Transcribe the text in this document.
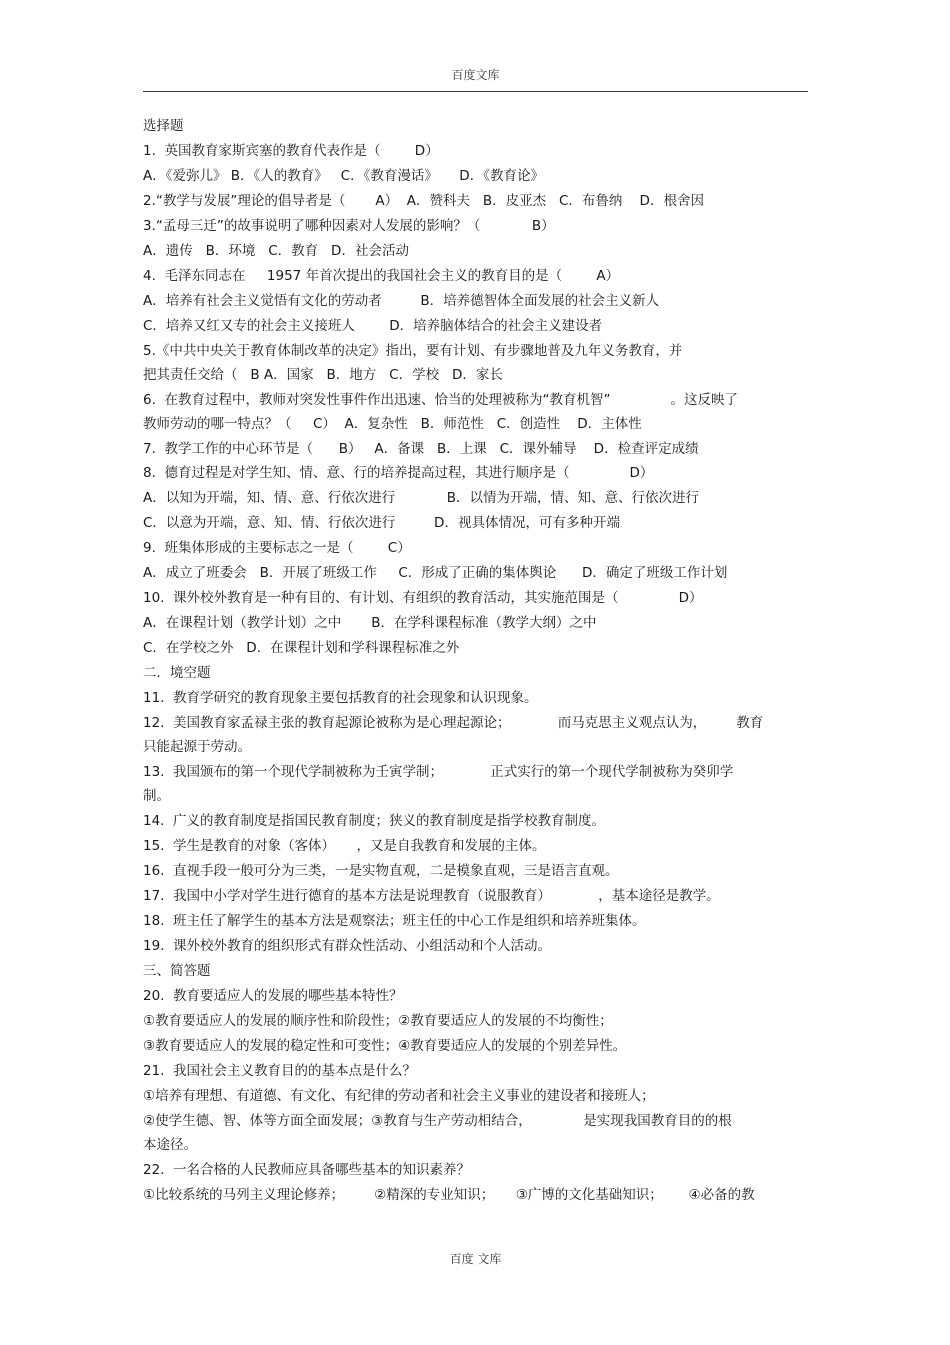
百度文库
选择题
1.  英国教育家斯宾塞的教育代表作是（        D）
A．《爱弥儿》 B．《人的教育》   C．《教育漫话》     D．《教育论》
2.“教学与发展”理论的倡导者是（       A）  A．赞科夫   B．皮亚杰   C．布鲁纳    D．根舍因
3.“孟母三迁”的故事说明了哪种因素对人发展的影响？（            B）
A．遗传   B．环境   C．教育   D．社会活动
4.  毛泽东同志在     1957 年首次提出的我国社会主义的教育目的是（        A）
A．培养有社会主义觉悟有文化的劳动者         B．培养德智体全面发展的社会主义新人
C．培养又红又专的社会主义接班人        D．培养脑体结合的社会主义建设者
5.《中共中央关于教育体制改革的决定》指出，要有计划、有步骤地普及九年义务教育，并
把其责任交给（   B A．国家   B．地方   C．学校   D．家长
6.  在教育过程中，教师对突发性事件作出迅速、恰当的处理被称为“教育机智”              。这反映了
教师劳动的哪一特点？（     C）  A．复杂性   B．师范性   C．创造性    D．主体性
7.  教学工作的中心环节是（      B）   A．备课   B．上课   C．课外辅导    D．检查评定成绩
8.  德育过程是对学生知、情、意、行的培养提高过程，其进行顺序是（              D）
A．以知为开端，知、情、意、行依次进行            B．以情为开端，情、知、意、行依次进行
C．以意为开端，意、知、情、行依次进行         D．视具体情况，可有多种开端
9.  班集体形成的主要标志之一是（        C）
A．成立了班委会   B．开展了班级工作     C．形成了正确的集体舆论      D．确定了班级工作计划
10.  课外校外教育是一种有目的、有计划、有组织的教育活动，其实施范围是（              D）
A．在课程计划（教学计划）之中       B．在学科课程标准（教学大纲）之中
C．在学校之外   D．在课程计划和学科课程标准之外
二．境空题
11.  教育学研究的教育现象主要包括教育的社会现象和认识现象。
12.  美国教育家孟禄主张的教育起源论被称为是心理起源论；           而马克思主义观点认为，       教育
只能起源于劳动。
13.  我国颁布的第一个现代学制被称为壬寅学制；           正式实行的第一个现代学制被称为癸卯学
制。
14.  广义的教育制度是指国民教育制度；狭义的教育制度是指学校教育制度。
15.  学生是教育的对象（客体）     ，又是自我教育和发展的主体。
16.  直视手段一般可分为三类，一是实物直观，二是模象直观，三是语言直观。
17.  我国中小学对学生进行德育的基本方法是说理教育（说服教育）           ，基本途径是教学。
18.  班主任了解学生的基本方法是观察法；班主任的中心工作是组织和培养班集体。
19.  课外校外教育的组织形式有群众性活动、小组活动和个人活动。
三、简答题
20.  教育要适应人的发展的哪些基本特性？
①教育要适应人的发展的顺序性和阶段性；②教育要适应人的发展的不均衡性；
③教育要适应人的发展的稳定性和可变性；④教育要适应人的发展的个别差异性。
21.  我国社会主义教育目的的基本点是什么？
①培养有理想、有道德、有文化、有纪律的劳动者和社会主义事业的建设者和接班人；
②使学生德、智、体等方面全面发展；③教育与生产劳动相结合，            是实现我国教育目的的根
本途径。
22.  一名合格的人民教师应具备哪些基本的知识素养？
①比较系统的马列主义理论修养；       ②精深的专业知识；     ③广博的文化基础知识；      ④必备的教
百度 文库
